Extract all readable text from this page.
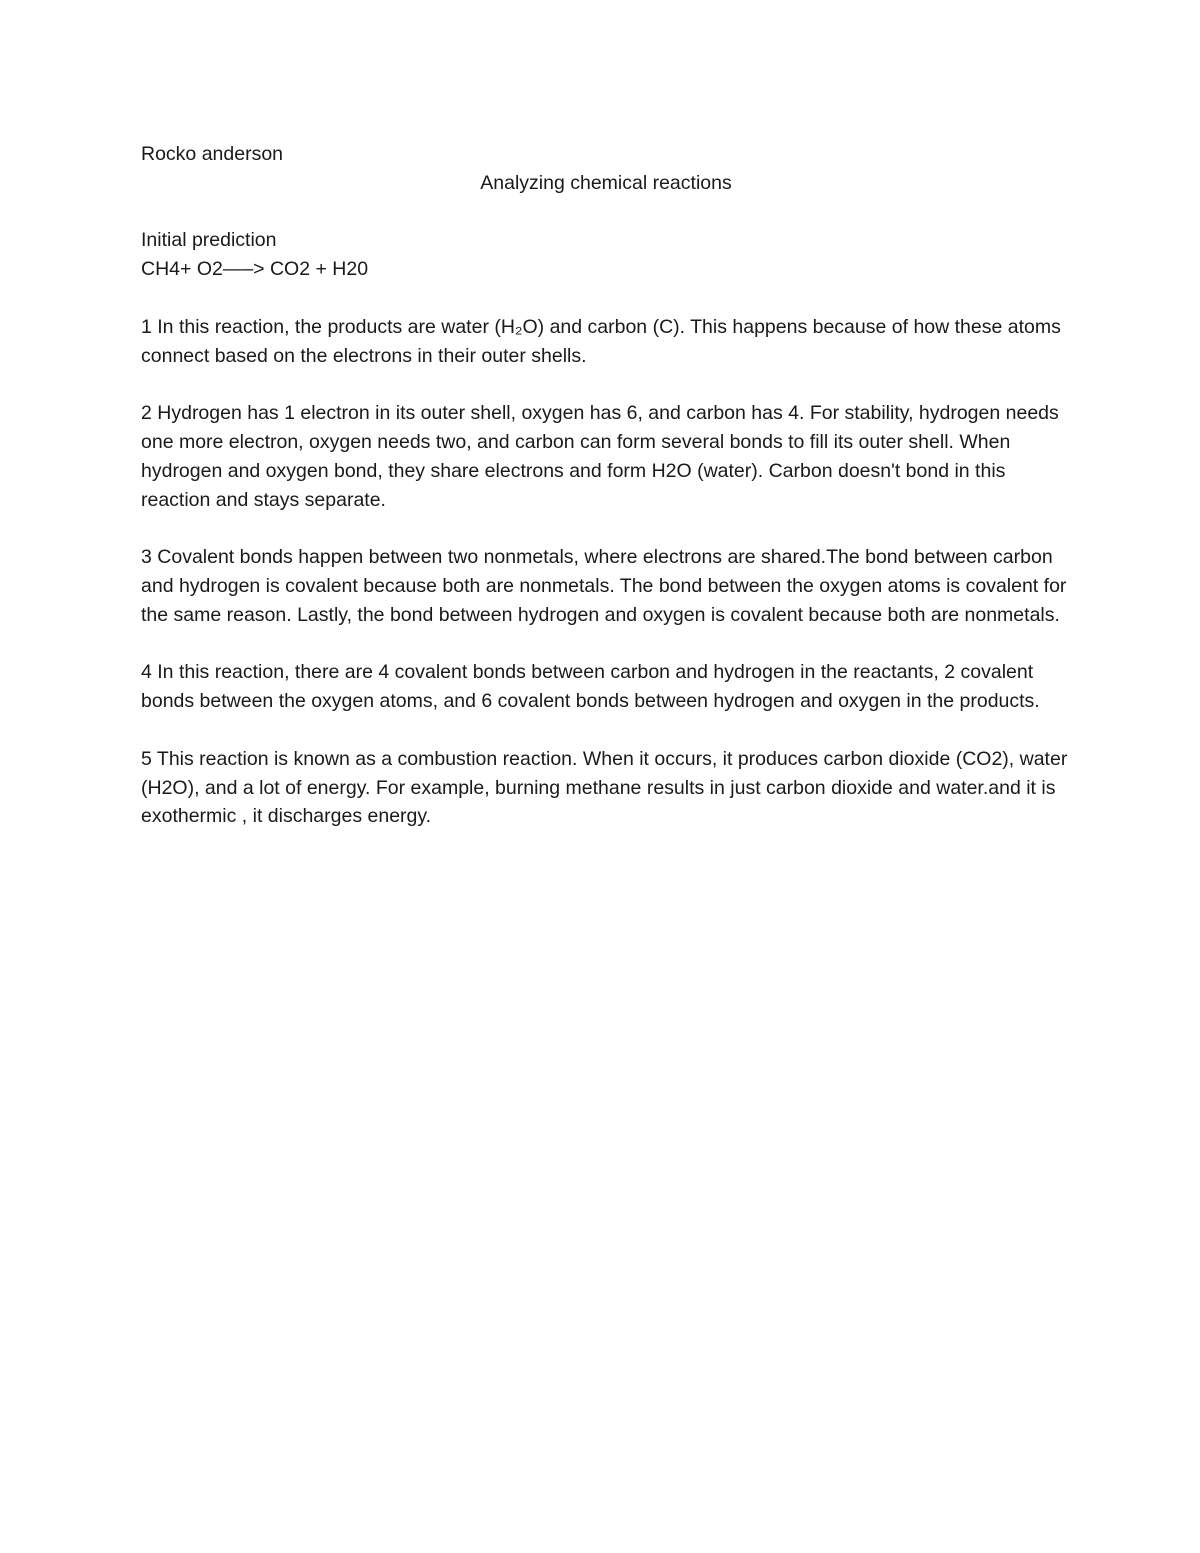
Rocko anderson

Analyzing chemical reactions

Initial prediction

CH4+ O2—–> CO2 + H20

1 In this reaction, the products are water (H₂O) and carbon (C). This happens because of how these atoms connect based on the electrons in their outer shells.

2 Hydrogen has 1 electron in its outer shell, oxygen has 6, and carbon has 4. For stability, hydrogen needs one more electron, oxygen needs two, and carbon can form several bonds to fill its outer shell. When hydrogen and oxygen bond, they share electrons and form H2O (water). Carbon doesn't bond in this reaction and stays separate.

3 Covalent bonds happen between two nonmetals, where electrons are shared.The bond between carbon and hydrogen is covalent because both are nonmetals. The bond between the oxygen atoms is covalent for the same reason. Lastly, the bond between hydrogen and oxygen is covalent because both are nonmetals.

4 In this reaction, there are 4 covalent bonds between carbon and hydrogen in the reactants, 2 covalent bonds between the oxygen atoms, and 6 covalent bonds between hydrogen and oxygen in the products.

5 This reaction is known as a combustion reaction. When it occurs, it produces carbon dioxide (CO2), water (H2O), and a lot of energy. For example, burning methane results in just carbon dioxide and water.and it is exothermic , it discharges energy.
